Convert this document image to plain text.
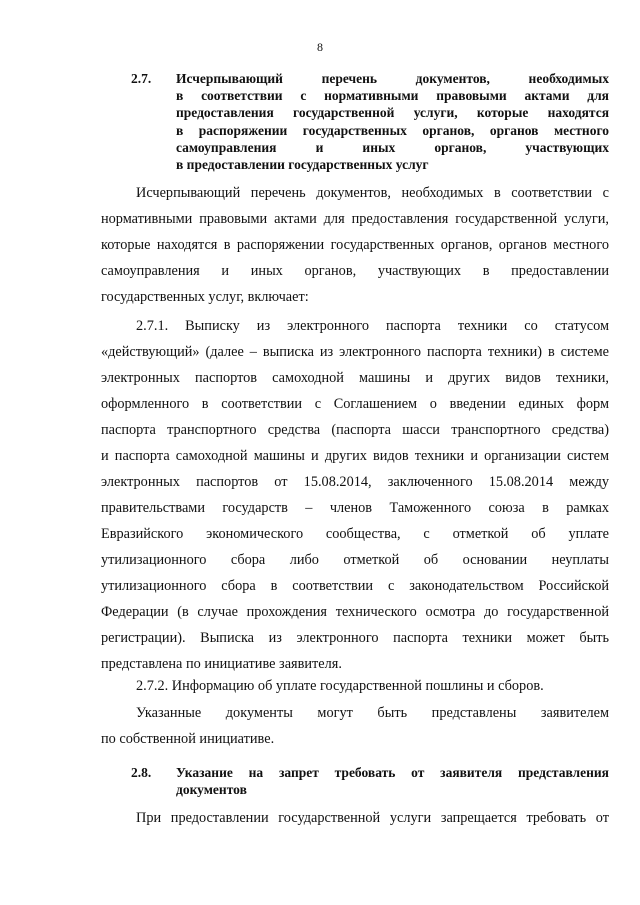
8
2.7. Исчерпывающий перечень документов, необходимых
в соответствии с нормативными правовыми актами для
предоставления государственной услуги, которые находятся
в распоряжении государственных органов, органов местного
самоуправления и иных органов, участвующих
в предоставлении государственных услуг
Исчерпывающий перечень документов, необходимых в соответствии с
нормативными правовыми актами для предоставления государственной услуги,
которые находятся в распоряжении государственных органов, органов местного
самоуправления и иных органов, участвующих в предоставлении
государственных услуг, включает:
2.7.1. Выписку из электронного паспорта техники со статусом
«действующий» (далее – выписка из электронного паспорта техники) в системе
электронных паспортов самоходной машины и других видов техники,
оформленного в соответствии с Соглашением о введении единых форм
паспорта транспортного средства (паспорта шасси транспортного средства)
и паспорта самоходной машины и других видов техники и организации систем
электронных паспортов от 15.08.2014, заключенного 15.08.2014 между
правительствами государств – членов Таможенного союза в рамках
Евразийского экономического сообщества, с отметкой об уплате
утилизационного сбора либо отметкой об основании неуплаты
утилизационного сбора в соответствии с законодательством Российской
Федерации (в случае прохождения технического осмотра до государственной
регистрации). Выписка из электронного паспорта техники может быть
представлена по инициативе заявителя.
2.7.2. Информацию об уплате государственной пошлины и сборов.
Указанные документы могут быть представлены заявителем
по собственной инициативе.
2.8. Указание на запрет требовать от заявителя представления
документов
При предоставлении государственной услуги запрещается требовать от
